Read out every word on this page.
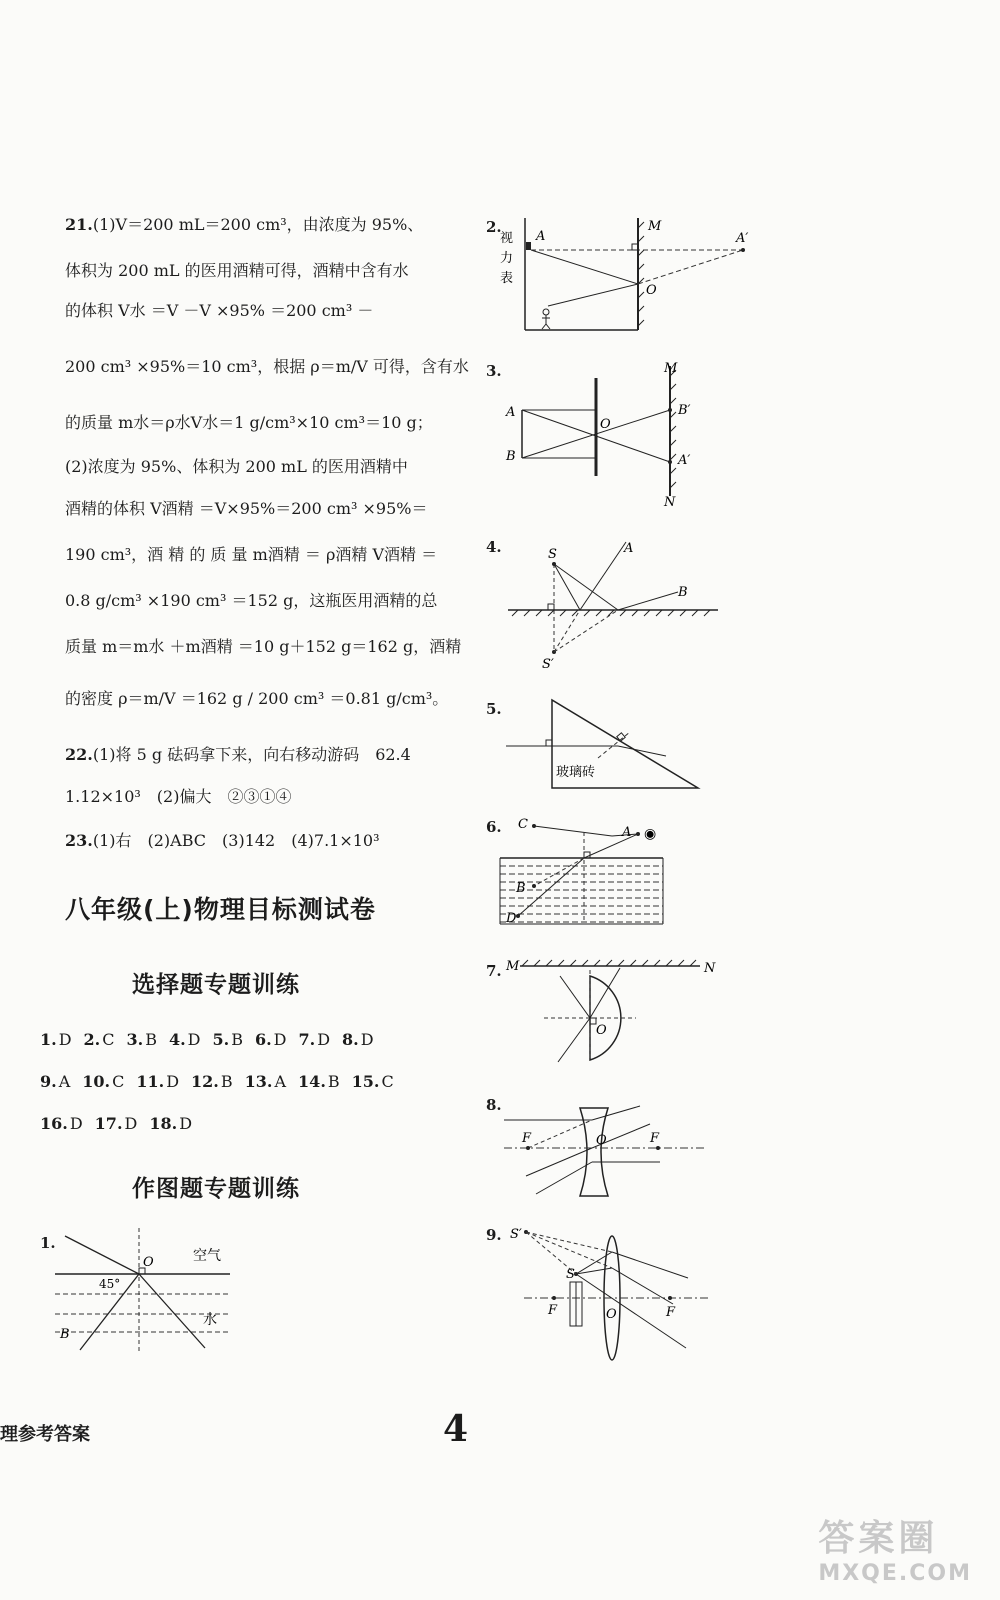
21.(1)V＝200 mL＝200 cm³，由浓度为 95%、
体积为 200 mL 的医用酒精可得，酒精中含有水
的体积 V水 ＝V －V ×95% ＝200 cm³ －
200 cm³ ×95%＝10 cm³，根据 ρ＝m/V 可得，含有水
的质量 m水＝ρ水V水＝1 g/cm³×10 cm³＝10 g；
(2)浓度为 95%、体积为 200 mL 的医用酒精中
酒精的体积 V酒精 ＝V×95%＝200 cm³ ×95%＝
190 cm³，酒 精 的 质 量 m酒精 ＝ ρ酒精 V酒精 ＝
0.8 g/cm³ ×190 cm³ ＝152 g，这瓶医用酒精的总
质量 m＝m水 ＋m酒精 ＝10 g＋152 g＝162 g，酒精
的密度 ρ＝m/V ＝162 g / 200 cm³ ＝0.81 g/cm³。
22.(1)将 5 g 砝码拿下来，向右移动游码　62.4
1.12×10³　(2)偏大　②③①④
23.(1)右　(2)ABC　(3)142　(4)7.1×10³
八年级(上)物理目标测试卷
选择题专题训练
1. D 2. C 3. B 4. D 5. B 6. D 7. D 8. D
9. A 10. C 11. D 12. B 13. A 14. B 15. C
16. D 17. D 18. D
作图题专题训练
1.
O	空气
45°
水
B
2.
视
力
表
A
M
A′
O
3.
A
B
O
M
B′
A′
N
4.	S	A
B
S′
5.
玻璃砖
6. C
A ◉
B
D
7. M	N
O
8.
F	F
O
9. S′
S
F	F
O
理参考答案	4
答案圈
MXQE.COM
